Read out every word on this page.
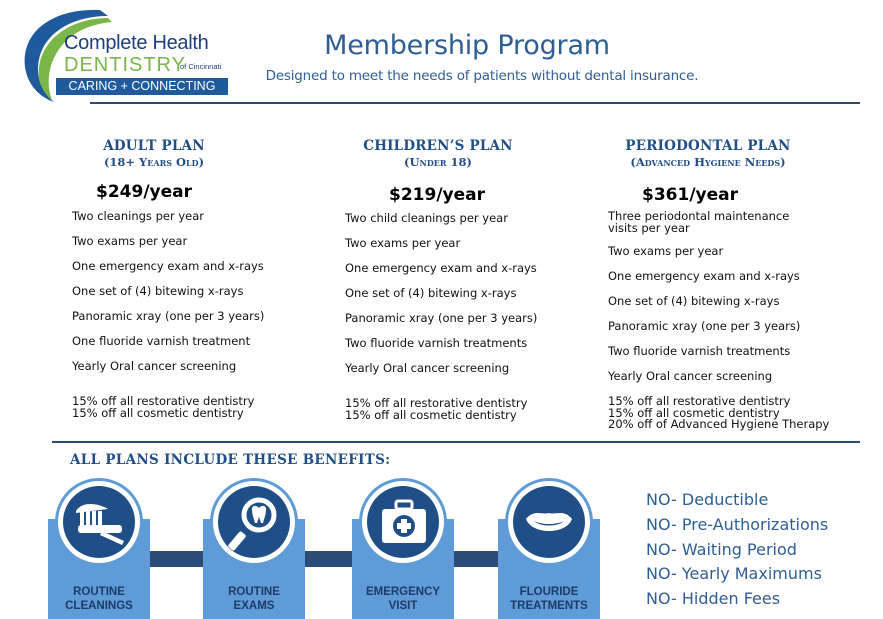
Complete Health
DENTISTRY
of Cincinnati
CARING + CONNECTING
Membership Program
Designed to meet the needs of patients without dental insurance.
ADULT PLAN
(18+ Years Old)
$249/year
Two cleanings per year
Two exams per year
One emergency exam and x-rays
One set of (4) bitewing x-rays
Panoramic xray (one per 3 years)
One fluoride varnish treatment
Yearly Oral cancer screening
15% off all restorative dentistry
15% off all cosmetic dentistry
CHILDREN’S PLAN
(Under 18)
$219/year
Two child cleanings per year
Two exams per year
One emergency exam and x-rays
One set of (4) bitewing x-rays
Panoramic xray (one per 3 years)
Two fluoride varnish treatments
Yearly Oral cancer screening
15% off all restorative dentistry
15% off all cosmetic dentistry
PERIODONTAL PLAN
(Advanced Hygiene Needs)
$361/year
Three periodontal maintenance
visits per year
Two exams per year
One emergency exam and x-rays
One set of (4) bitewing x-rays
Panoramic xray (one per 3 years)
Two fluoride varnish treatments
Yearly Oral cancer screening
15% off all restorative dentistry
15% off all cosmetic dentistry
20% off of Advanced Hygiene Therapy
ALL PLANS INCLUDE THESE BENEFITS:
ROUTINE
CLEANINGS
ROUTINE
EXAMS
EMERGENCY
VISIT
FLOURIDE
TREATMENTS
NO- Deductible
NO- Pre-Authorizations
NO- Waiting Period
NO- Yearly Maximums
NO- Hidden Fees
